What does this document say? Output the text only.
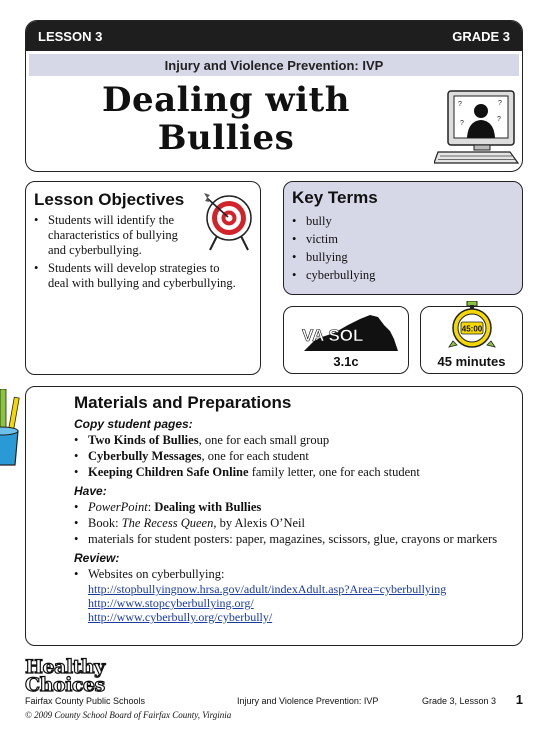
LESSON 3	GRADE 3
Injury and Violence Prevention: IVP
Dealing with
Bullies
?	?
?
?
Lesson Objectives
• Students will identify the characteristics of bullying and cyberbullying.
• Students will develop strategies to deal with bullying and cyberbullying.
Key Terms
• bully
• victim
• bullying
• cyberbullying
VA SOL
3.1c
45:00
45 minutes
Materials and Preparations
Copy student pages:
• Two Kinds of Bullies, one for each small group
• Cyberbully Messages, one for each student
• Keeping Children Safe Online family letter, one for each student
Have:
• PowerPoint: Dealing with Bullies
• Book: The Recess Queen, by Alexis O’Neil
• materials for student posters: paper, magazines, scissors, glue, crayons or markers
Review:
• Websites on cyberbullying:
http://stopbullyingnow.hrsa.gov/adult/indexAdult.asp?Area=cyberbullying
http://www.stopcyberbullying.org/
http://www.cyberbully.org/cyberbully/
Healthy
Choices
Fairfax County Public Schools
© 2009 County School Board of Fairfax County, Virginia
Injury and Violence Prevention: IVP	Grade 3, Lesson 3 1
